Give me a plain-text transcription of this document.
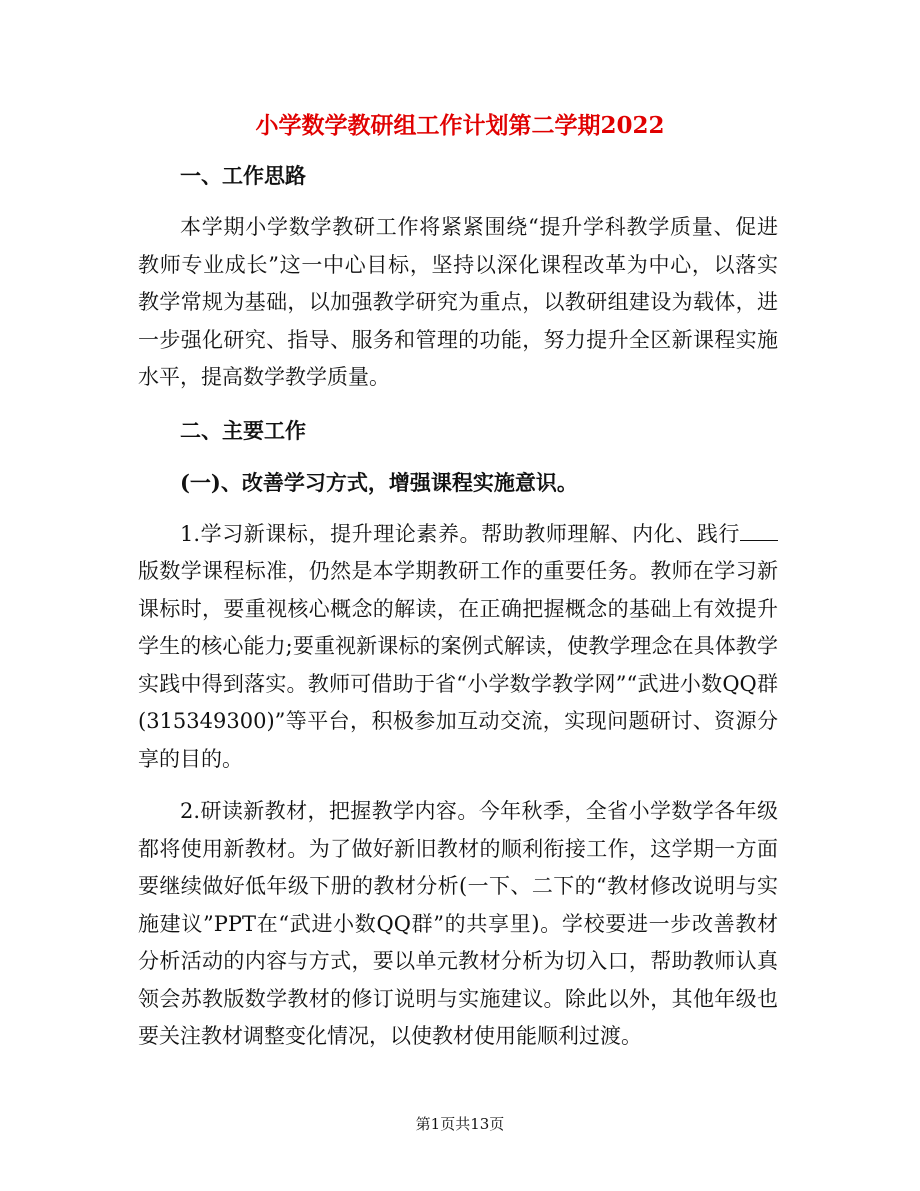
小学数学教研组工作计划第二学期2022

一、工作思路

本学期小学数学教研工作将紧紧围绕“提升学科教学质量、促进教师专业成长”这一中心目标，坚持以深化课程改革为中心，以落实教学常规为基础，以加强教学研究为重点，以教研组建设为载体，进一步强化研究、指导、服务和管理的功能，努力提升全区新课程实施水平，提高数学教学质量。

二、主要工作

(一)、改善学习方式，增强课程实施意识。

1.学习新课标，提升理论素养。帮助教师理解、内化、践行版数学课程标准，仍然是本学期教研工作的重要任务。教师在学习新课标时，要重视核心概念的解读，在正确把握概念的基础上有效提升学生的核心能力;要重视新课标的案例式解读，使教学理念在具体教学实践中得到落实。教师可借助于省“小学数学教学网”“武进小数QQ群(315349300)”等平台，积极参加互动交流，实现问题研讨、资源分享的目的。

2.研读新教材，把握教学内容。今年秋季，全省小学数学各年级都将使用新教材。为了做好新旧教材的顺利衔接工作，这学期一方面要继续做好低年级下册的教材分析(一下、二下的“教材修改说明与实施建议”PPT在“武进小数QQ群”的共享里)。学校要进一步改善教材分析活动的内容与方式，要以单元教材分析为切入口，帮助教师认真领会苏教版数学教材的修订说明与实施建议。除此以外，其他年级也要关注教材调整变化情况，以使教材使用能顺利过渡。

第1页共13页
